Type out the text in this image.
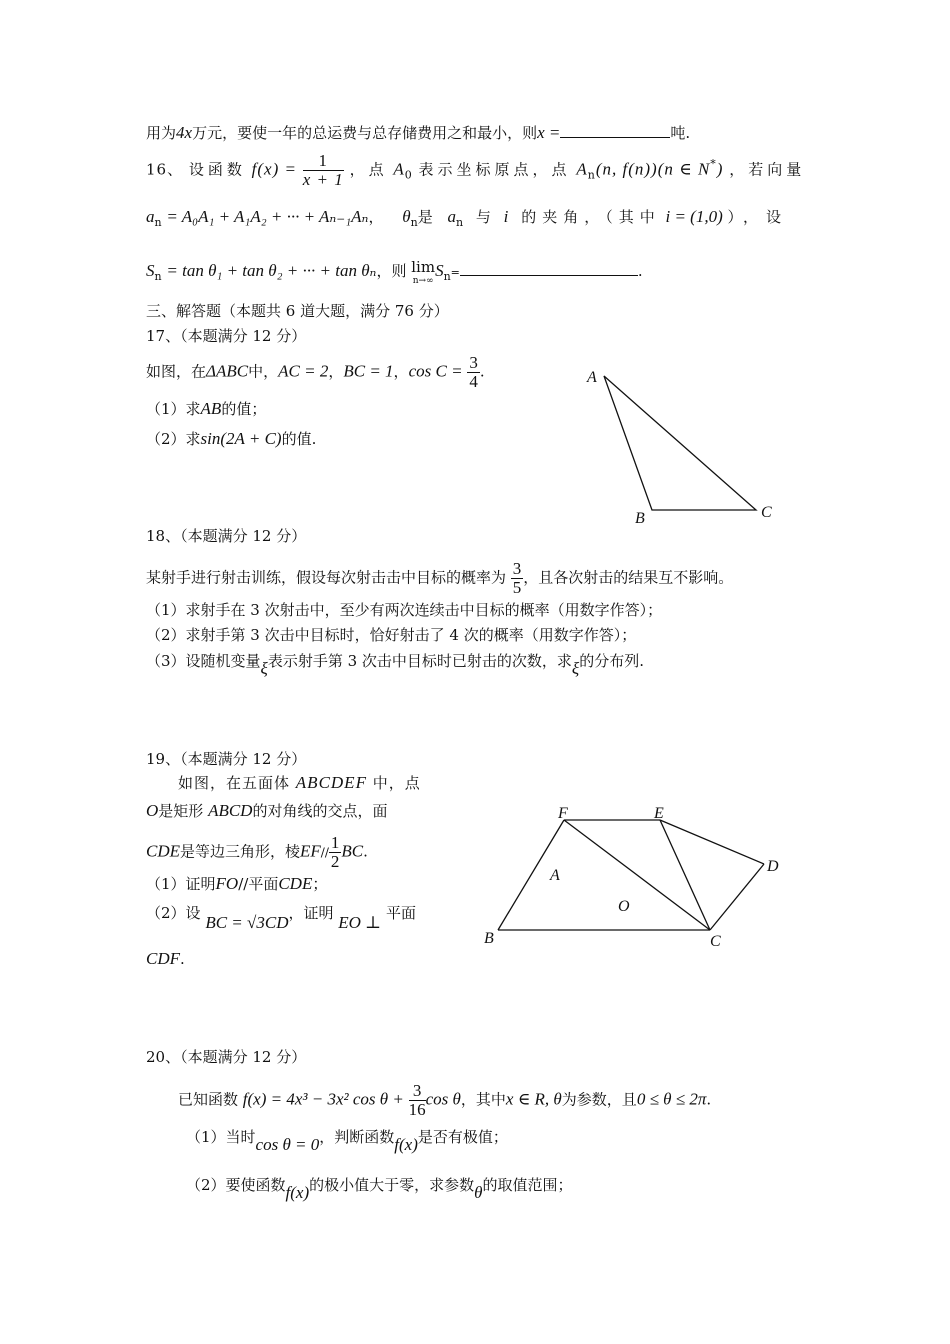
用为4x万元，要使一年的总运费与总存储费用之和最小，则x =	吨.
16、 设函数 $f(x) = \frac{1}{x + 1}$ ，点 $A_0$ 表示坐标原点，点 $A_n(n$, f(n))(n ∈ N*) ，若向量
$a_n = A_0A_1 + A_1A_2$ + ··· + Aₙ₋₁Aₙ， $\theta_n$是 $a_n$ 与 i 的夹角，（其中 i = (1,0) ），设
$S_n = \tan \theta_1 + \tan \theta_2$ + ··· + tan θₙ，则 lim
n→∞
$S_n=$	.
三、解答题（本题共 6 道大题，满分 76 分）
17、（本题满分 12 分）
如图，在ΔABC中，AC = 2，BC = 1，$\cos C = \frac{3}{4}$ .
（1）求AB的值；
（2）求sin(2A + C)的值.
A
B	C
18、（本题满分 12 分）
某射手进行射击训练，假设每次射击击中目标的概率为 $\frac{3}{5}$ ，且各次射击的结果互不影响。
（1）求射手在 3 次射击中，至少有两次连续击中目标的概率（用数字作答）；
（2）求射手第 3 次击中目标时，恰好射击了 4 次的概率（用数字作答）；
（3）设随机变量ξ表示射手第 3 次击中目标时已射击的次数，求ξ的分布列.
19、（本题满分 12 分）
如图，在五面体 ABCDEF 中，点
O是矩形 ABCD的对角线的交点，面
CDE是等边三角形，棱$EF// \frac{1}{2}$ BC.
（1）证明FO//平面CDE；
（2）设 BC = √3CD，证明 EO ⊥ 平面
CDF.
F	E
D
A
O
B	C
20、（本题满分 12 分）
已知函数 f(x) = 4x³ − 3x² $\cos \theta + \frac{3}{16}$ cos θ，其中x ∈ R, θ为参数，且0 ≤ θ ≤ 2π.
（1）当时cos θ = 0，判断函数f(x)是否有极值；
（2）要使函数f(x)的极小值大于零，求参数θ的取值范围；
